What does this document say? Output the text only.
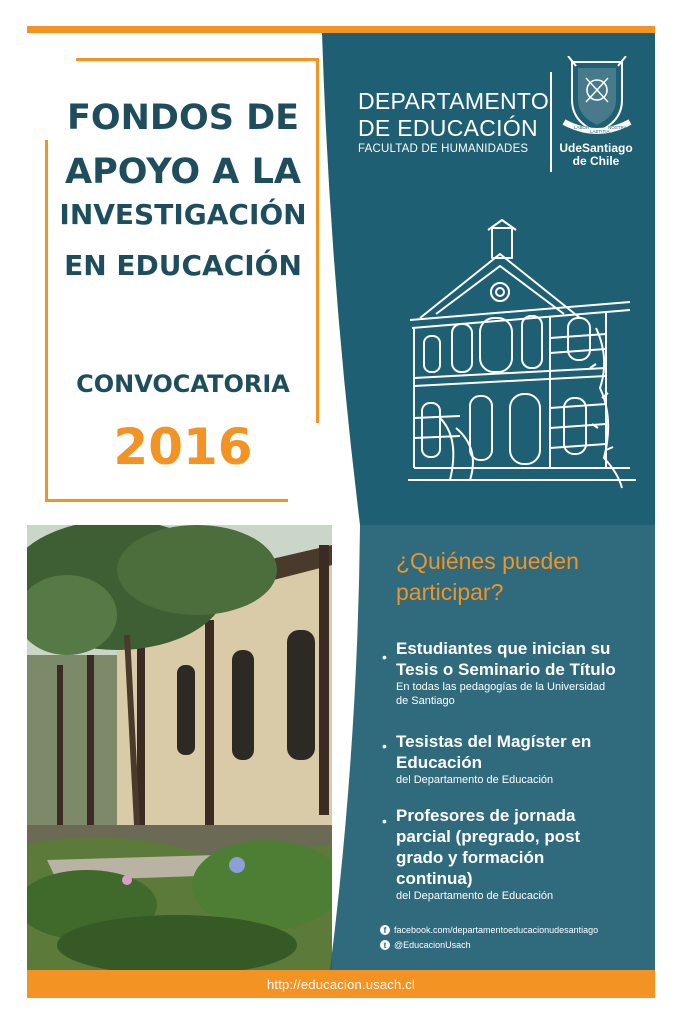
FONDOS DE
APOYO A LA
INVESTIGACIÓN
EN EDUCACIÓN
CONVOCATORIA
2016
DEPARTAMENTO
DE EDUCACIÓN
FACULTAD DE HUMANIDADES
LABOR
LAETITIA
NOSTRA
UdeSantiago
de Chile
¿Quiénes pueden
participar?
• Estudiantes que inician su
Tesis o Seminario de Título
En todas las pedagogías de la Universidad
de Santiago
• Tesistas del Magíster en
Educación
del Departamento de Educación
• Profesores de jornada
parcial (pregrado, post
grado y formación
continua)
del Departamento de Educación
f facebook.com/departamentoeducacionudesantiago
t @EducacionUsach
http://educacion.usach.cl
